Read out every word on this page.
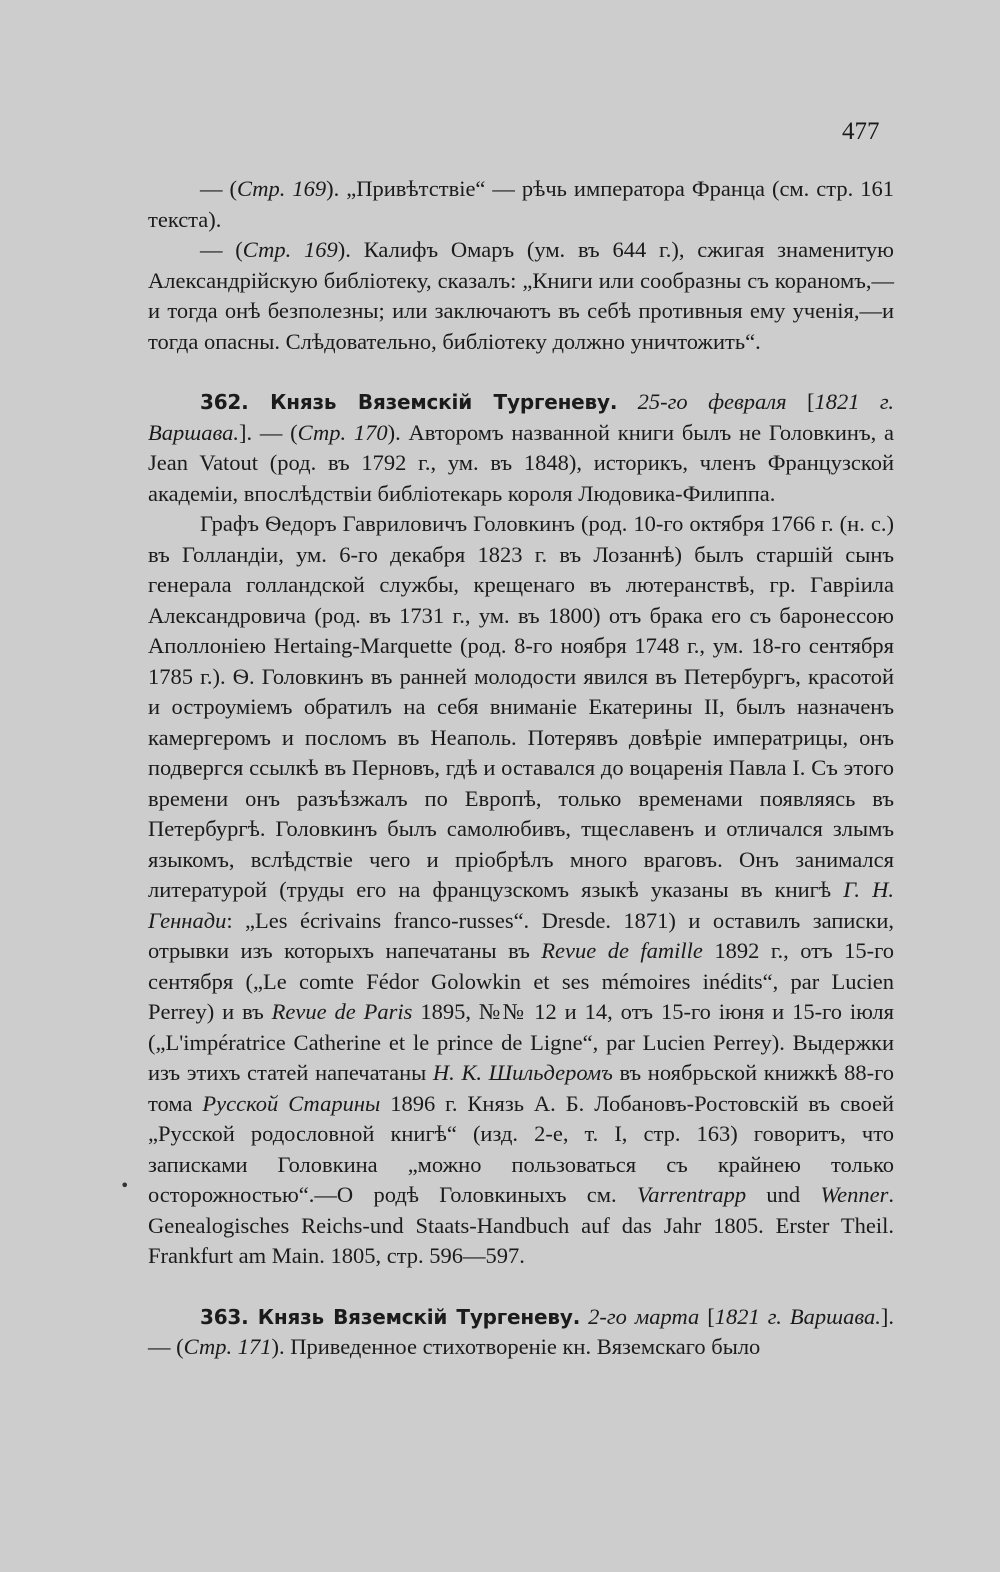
477

— (Стр. 169). „Привѣтствіе“ — рѣчь императора Франца (см. стр. 161 текста).

— (Стр. 169). Калифъ Омаръ (ум. въ 644 г.), сжигая знаменитую Александрійскую библіотеку, сказалъ: „Книги или сообразны съ кораномъ,—и тогда онѣ безполезны; или заключаютъ въ себѣ противныя ему ученія,—и тогда опасны. Слѣдовательно, библіотеку должно уничтожить“.

362. Князь Вяземскій Тургеневу. 25-го февраля [1821 г. Варшава.]. — (Стр. 170). Авторомъ названной книги былъ не Головкинъ, а Jean Vatout (род. въ 1792 г., ум. въ 1848), историкъ, членъ Французской академіи, впослѣдствіи библіотекарь короля Людовика-Филиппа.

Графъ Ѳедоръ Гавриловичъ Головкинъ (род. 10-го октября 1766 г. (н. с.) въ Голландіи, ум. 6-го декабря 1823 г. въ Лозаннѣ) былъ старшій сынъ генерала голландской службы, крещенаго въ лютеранствѣ, гр. Гавріила Александровича (род. въ 1731 г., ум. въ 1800) отъ брака его съ баронессою Аполлоніею Hertaing-Marquette (род. 8-го ноября 1748 г., ум. 18-го сентября 1785 г.). Ѳ. Головкинъ въ ранней молодости явился въ Петербургъ, красотой и остроуміемъ обратилъ на себя вниманіе Екатерины II, былъ назначенъ камергеромъ и посломъ въ Неаполь. Потерявъ довѣріе императрицы, онъ подвергся ссылкѣ въ Перновъ, гдѣ и оставался до воцаренія Павла I. Съ этого времени онъ разъѣзжалъ по Европѣ, только временами появляясь въ Петербургѣ. Головкинъ былъ самолюбивъ, тщеславенъ и отличался злымъ языкомъ, вслѣдствіе чего и пріобрѣлъ много враговъ. Онъ занимался литературой (труды его на французскомъ языкѣ указаны въ книгѣ Г. Н. Геннади: „Les écrivains franco-russes“. Dresde. 1871) и оставилъ записки, отрывки изъ которыхъ напечатаны въ Revue de famille 1892 г., отъ 15-го сентября („Le comte Fédor Golowkin et ses mémoires inédits“, par Lucien Perrey) и въ Revue de Paris 1895, №№ 12 и 14, отъ 15-го іюня и 15-го іюля („L'impératrice Catherine et le prince de Ligne“, par Lucien Perrey). Выдержки изъ этихъ статей напечатаны Н. К. Шильдеромъ въ ноябрьской книжкѣ 88-го тома Русской Старины 1896 г. Князь А. Б. Лобановъ-Ростовскій въ своей „Русской родословной книгѣ“ (изд. 2-е, т. I, стр. 163) говоритъ, что записками Головкина „можно пользоваться съ крайнею только осторожностью“.—О родѣ Головкиныхъ см. Varrentrapp und Wenner. Genealogisches Reichs-und Staats-Handbuch auf das Jahr 1805. Erster Theil. Frankfurt am Main. 1805, стр. 596—597.

363. Князь Вяземскій Тургеневу. 2-го марта [1821 г. Варшава.]. — (Стр. 171). Приведенное стихотвореніе кн. Вяземскаго было

•
